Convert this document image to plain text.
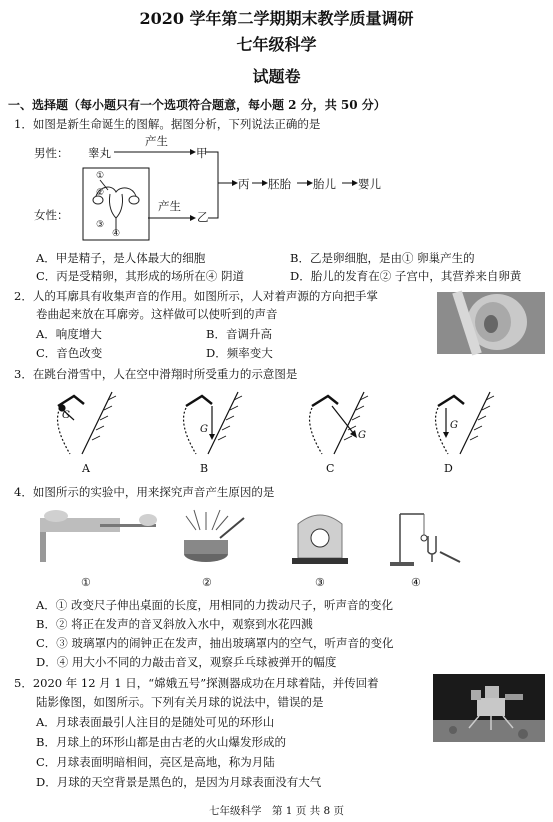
2020 学年第二学期期末教学质量调研
七年级科学
试题卷
一、选择题（每小题只有一个选项符合题意，每小题 2 分，共 50 分）
1．如图是新生命诞生的图解。据图分析，下列说法正确的是
男性： 睾丸
产生
甲
女性：
产生
乙
丙 胚胎 胎儿 婴儿
①
②
③
④
A．甲是精子，是人体最大的细胞	B．乙是卵细胞，是由① 卵巢产生的
C．丙是受精卵，其形成的场所在④ 阴道	D．胎儿的发育在② 子宫中，其营养来自卵黄
2．人的耳廓具有收集声音的作用。如图所示，人对着声源的方向把手掌
卷曲起来放在耳廓旁。这样做可以使听到的声音
A．响度增大	B．音调升高
C．音色改变	D．频率变大
3．在跳台滑雪中，人在空中滑翔时所受重力的示意图是
G
G
G
G
A	B	C	D
4．如图所示的实验中，用来探究声音产生原因的是
①	②	③	④
A．① 改变尺子伸出桌面的长度，用相同的力拨动尺子，听声音的变化
B．② 将正在发声的音叉斜放入水中，观察到水花四溅
C．③ 玻璃罩内的闹钟正在发声，抽出玻璃罩内的空气，听声音的变化
D．④ 用大小不同的力敲击音叉，观察乒乓球被弹开的幅度
5．2020 年 12 月 1 日，“嫦娥五号”探测器成功在月球着陆，并传回着
陆影像图，如图所示。下列有关月球的说法中，错误的是
A．月球表面最引人注目的是随处可见的环形山
B．月球上的环形山都是由古老的火山爆发形成的
C．月球表面明暗相间，亮区是高地，称为月陆
D．月球的天空背景是黑色的，是因为月球表面没有大气
七年级科学　第 1 页 共 8 页
